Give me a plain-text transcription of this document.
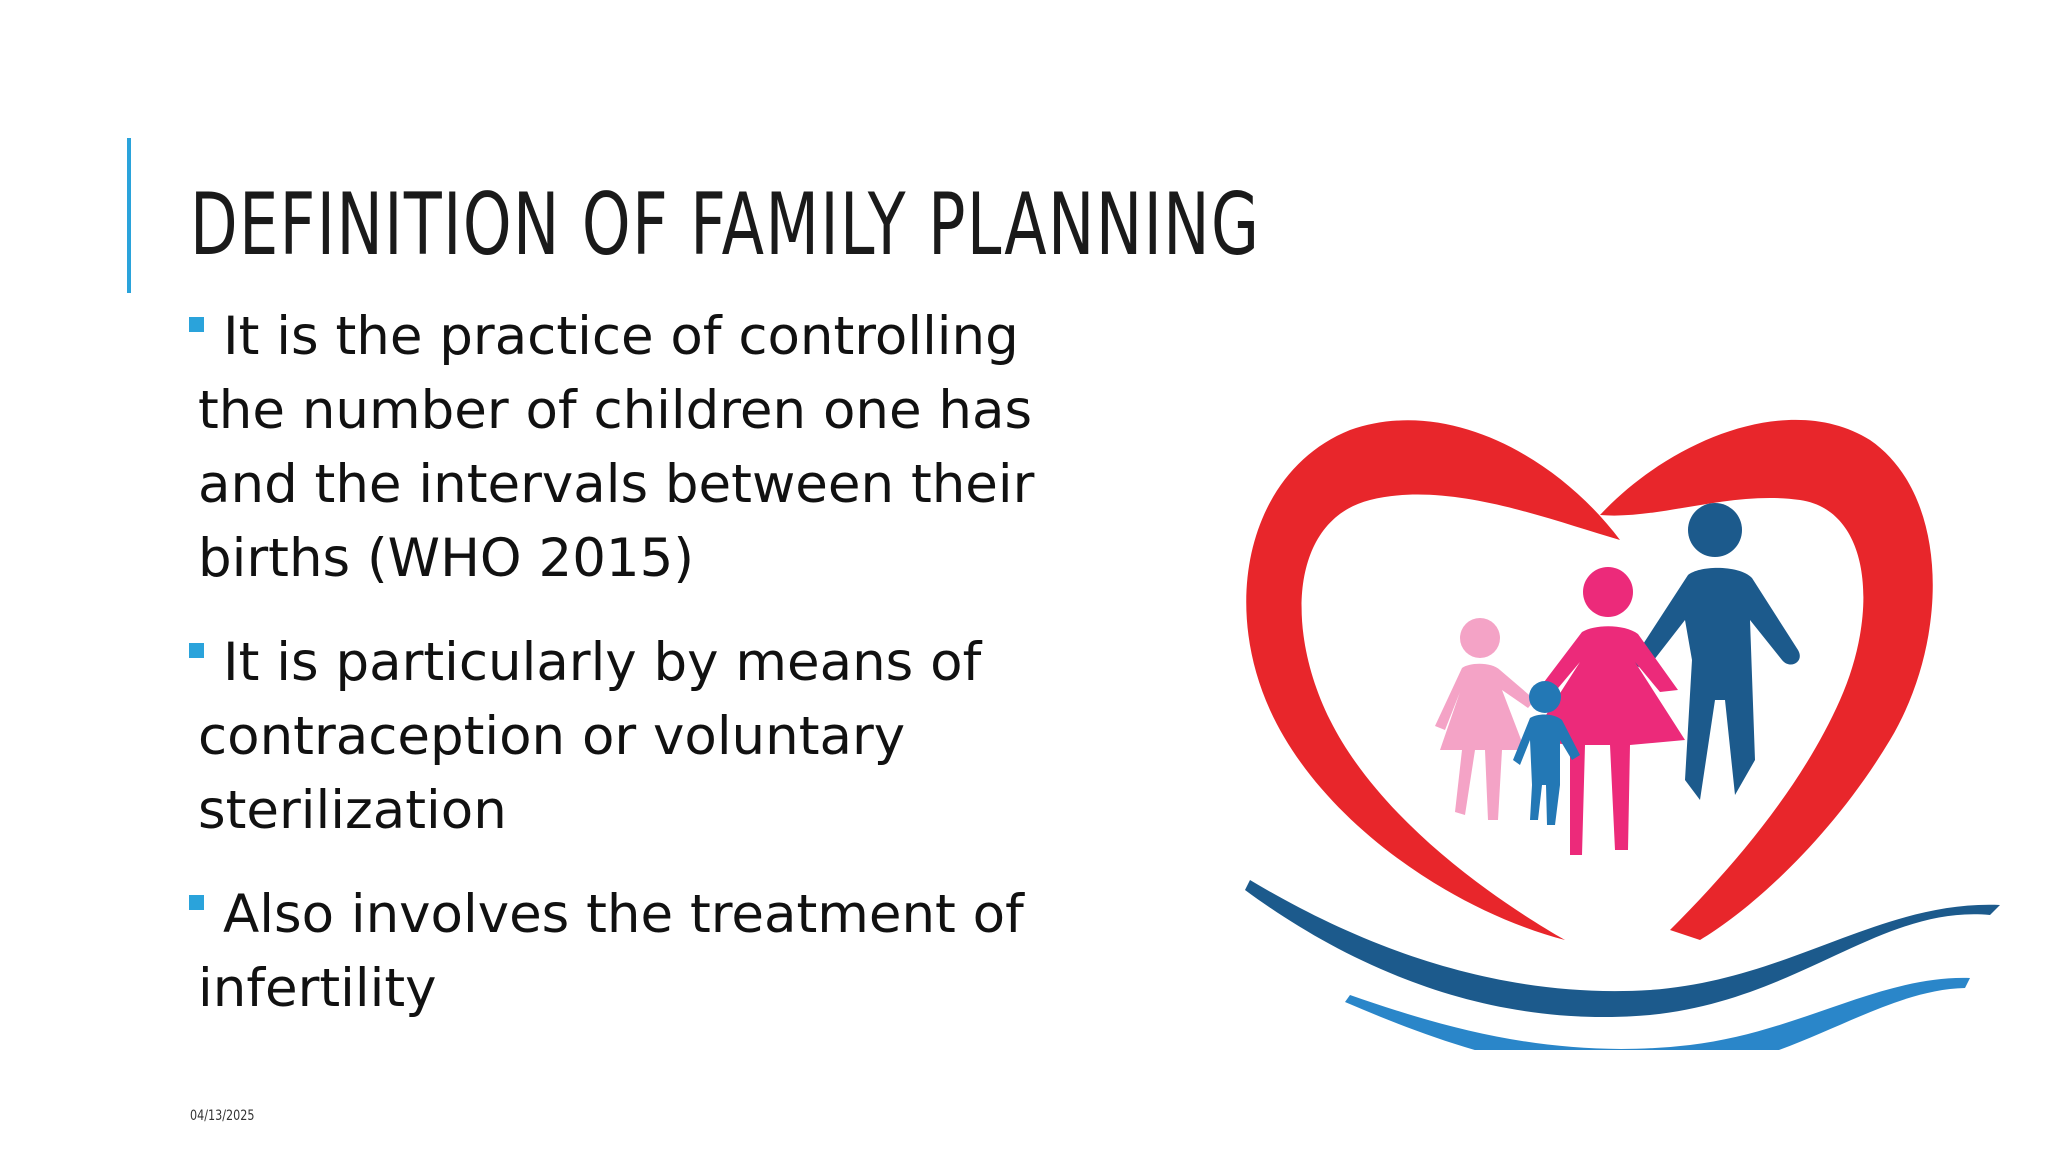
DEFINITION OF FAMILY PLANNING
It is the practice of controlling the number of children one has and the intervals between their births (WHO 2015)
It is particularly by means of contraception or voluntary sterilization
Also involves the treatment of infertility
04/13/2025
